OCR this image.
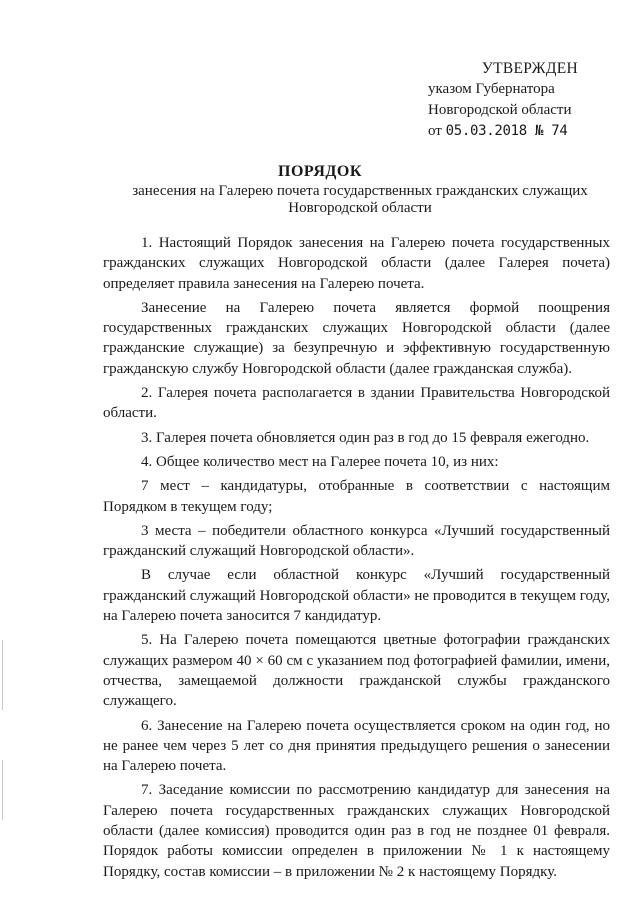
УТВЕРЖДЕН
указом Губернатора
Новгородской области
от 05.03.2018 № 74
ПОРЯДОК
занесения на Галерею почета государственных гражданских служащих Новгородской области

1. Настоящий Порядок занесения на Галерею почета государственных гражданских служащих Новгородской области (далее Галерея почета) определяет правила занесения на Галерею почета.

Занесение на Галерею почета является формой поощрения государственных гражданских служащих Новгородской области (далее гражданские служащие) за безупречную и эффективную государственную гражданскую службу Новгородской области (далее гражданская служба).

2. Галерея почета располагается в здании Правительства Новгородской области.

3. Галерея почета обновляется один раз в год до 15 февраля ежегодно.

4. Общее количество мест на Галерее почета 10, из них:

7 мест – кандидатуры, отобранные в соответствии с настоящим Порядком в текущем году;

3 места – победители областного конкурса «Лучший государственный гражданский служащий Новгородской области».

В случае если областной конкурс «Лучший государственный гражданский служащий Новгородской области» не проводится в текущем году, на Галерею почета заносится 7 кандидатур.

5. На Галерею почета помещаются цветные фотографии гражданских служащих размером 40 × 60 см с указанием под фотографией фамилии, имени, отчества, замещаемой должности гражданской службы гражданского служащего.

6. Занесение на Галерею почета осуществляется сроком на один год, но не ранее чем через 5 лет со дня принятия предыдущего решения о занесении на Галерею почета.

7. Заседание комиссии по рассмотрению кандидатур для занесения на Галерею почета государственных гражданских служащих Новгородской области (далее комиссия) проводится один раз в год не позднее 01 февраля. Порядок работы комиссии определен в приложении № 1 к настоящему Порядку, состав комиссии – в приложении № 2 к настоящему Порядку.
